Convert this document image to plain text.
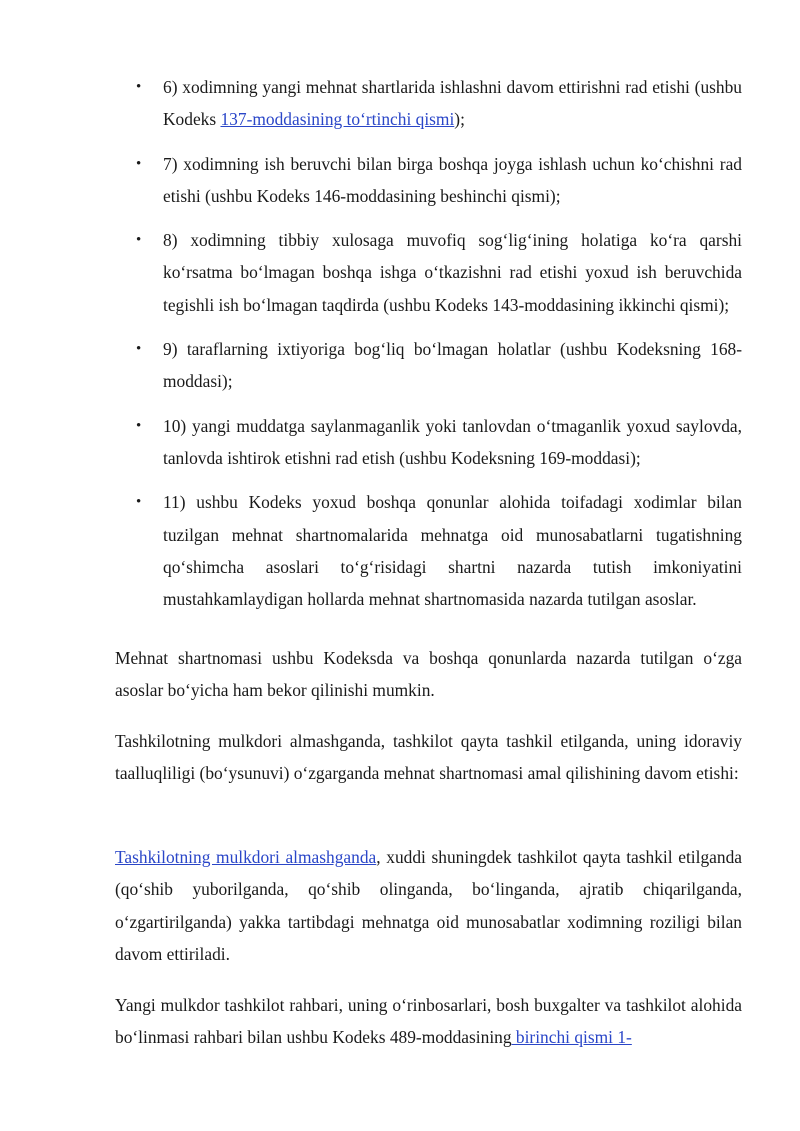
• 6) xodimning yangi mehnat shartlarida ishlashni davom ettirishni rad etishi (ushbu Kodeks 137-moddasining to‘rtinchi qismi);
• 7) xodimning ish beruvchi bilan birga boshqa joyga ishlash uchun ko‘chishni rad etishi (ushbu Kodeks 146-moddasining beshinchi qismi);
• 8) xodimning tibbiy xulosaga muvofiq sog‘lig‘ining holatiga ko‘ra qarshi ko‘rsatma bo‘lmagan boshqa ishga o‘tkazishni rad etishi yoxud ish beruvchida tegishli ish bo‘lmagan taqdirda (ushbu Kodeks 143-moddasining ikkinchi qismi);
• 9) taraflarning ixtiyoriga bog‘liq bo‘lmagan holatlar (ushbu Kodeksning 168-moddasi);
• 10) yangi muddatga saylanmaganlik yoki tanlovdan o‘tmaganlik yoxud saylovda, tanlovda ishtirok etishni rad etish (ushbu Kodeksning 169-moddasi);
• 11) ushbu Kodeks yoxud boshqa qonunlar alohida toifadagi xodimlar bilan tuzilgan mehnat shartnomalarida mehnatga oid munosabatlarni tugatishning qo‘shimcha asoslari to‘g‘risidagi shartni nazarda tutish imkoniyatini mustahkamlaydigan hollarda mehnat shartnomasida nazarda tutilgan asoslar.

Mehnat shartnomasi ushbu Kodeksda va boshqa qonunlarda nazarda tutilgan o‘zga asoslar bo‘yicha ham bekor qilinishi mumkin.

Tashkilotning mulkdori almashganda, tashkilot qayta tashkil etilganda, uning idoraviy taalluqliligi (bo‘ysunuvi) o‘zgarganda mehnat shartnomasi amal qilishining davom etishi:

Tashkilotning mulkdori almashganda, xuddi shuningdek tashkilot qayta tashkil etilganda (qo‘shib yuborilganda, qo‘shib olinganda, bo‘linganda, ajratib chiqarilganda, o‘zgartirilganda) yakka tartibdagi mehnatga oid munosabatlar xodimning roziligi bilan davom ettiriladi.

Yangi mulkdor tashkilot rahbari, uning o‘rinbosarlari, bosh buxgalter va tashkilot alohida bo‘linmasi rahbari bilan ushbu Kodeks 489-moddasining birinchi qismi 1-
